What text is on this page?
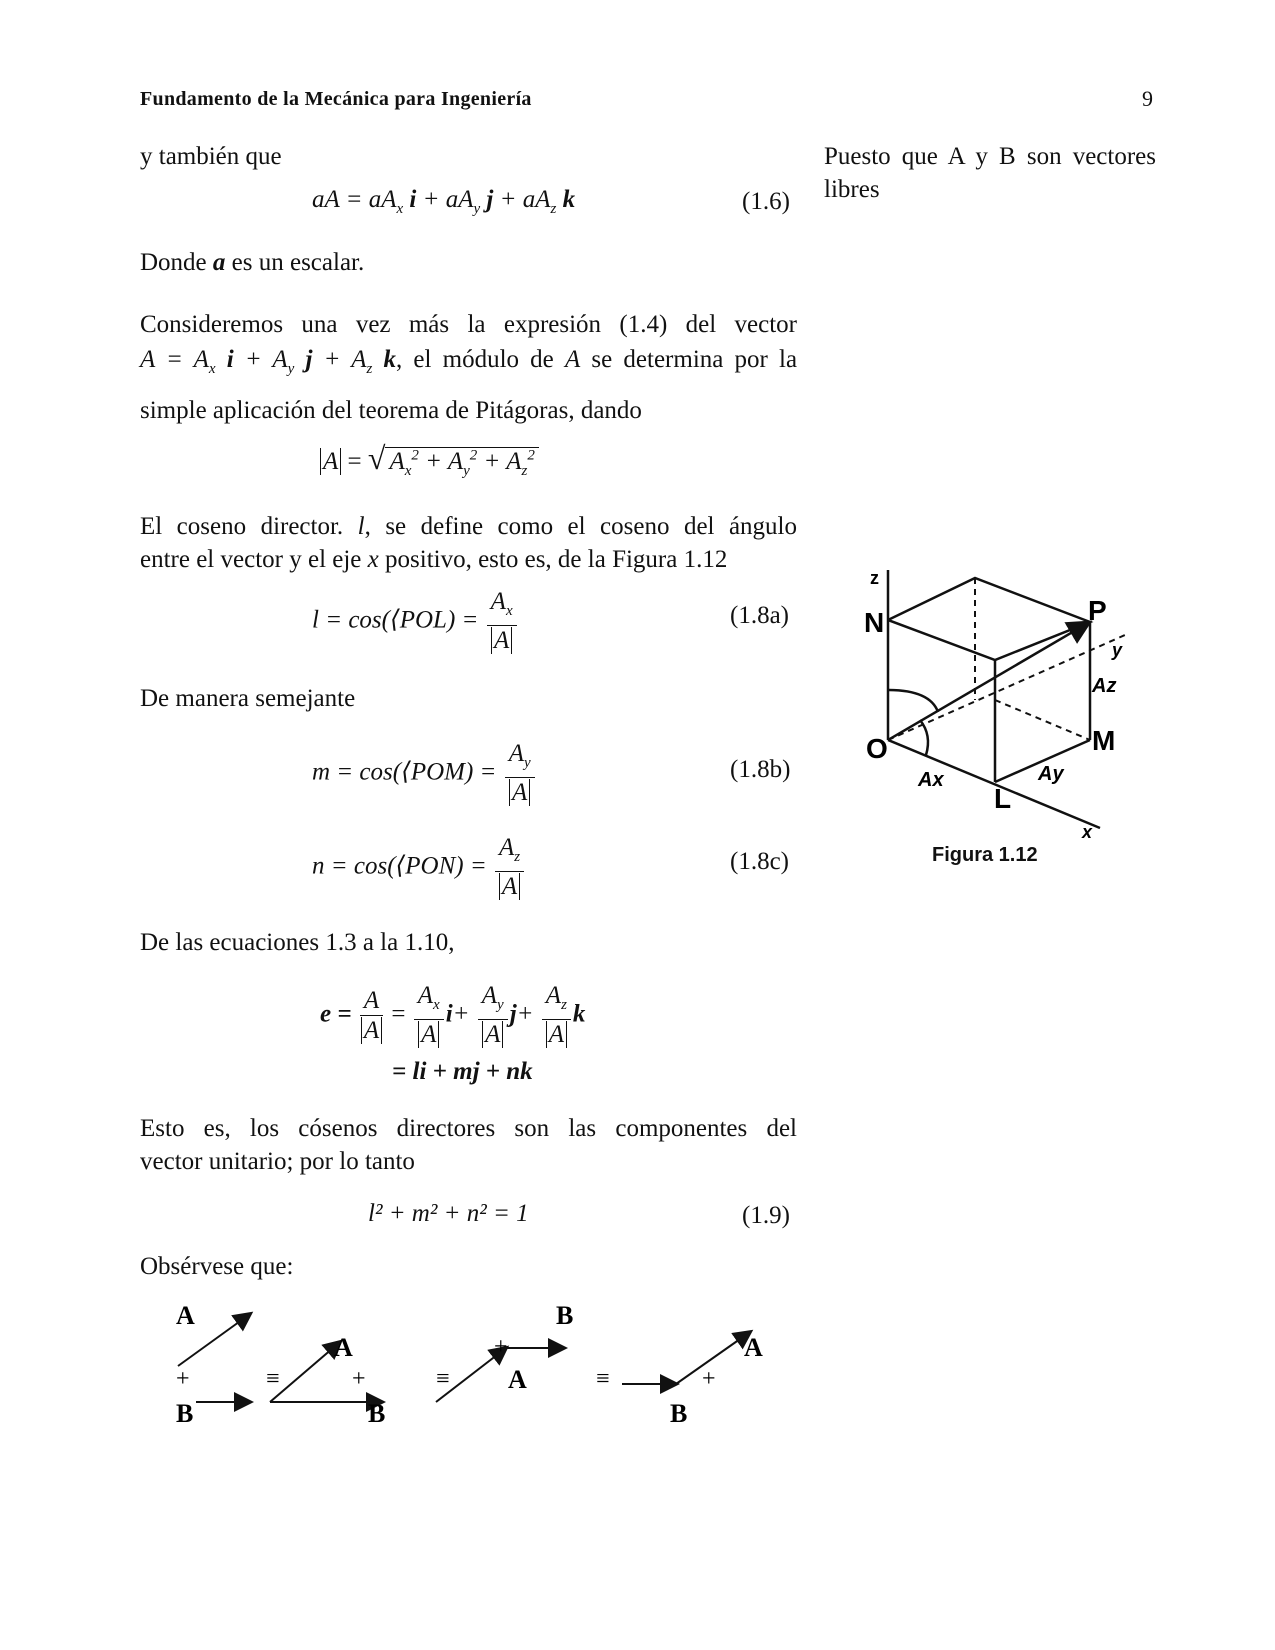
Fundamento de la Mecánica para Ingeniería	9
Puesto que A y B son vectores libres
y también que
aA = $aA_x$ $i + aA_y$ $j + aA_z$ k	(1.6)
Donde a es un escalar.
Consideremos una vez más la expresión (1.4) del vector
$A = A_x$ $i + A_y$ $j + A_z$ k, el módulo de A se determina por la
simple aplicación del teorema de Pitágoras, dando
A = √ $A_x^2 + A_y^2 + A_z^2$
El coseno director. l, se define como el coseno del ángulo
entre el vector y el eje x positivo, esto es, de la Figura 1.12
l = cos(⟨POL) = $\frac{A_x}{A}$	(1.8a)
De manera semejante
m = cos(⟨POM) = $\frac{A_y}{A}$	(1.8b)
n = cos(⟨PON) = $\frac{A_z}{A}$	(1.8c)
De las ecuaciones 1.3 a la 1.10,
$e = \frac{A}{A} = \frac{A_x}{A} i+ \frac{A_y}{A} j+ \frac{A_z}{A}$ k
= li + mj + nk
Esto es, los cósenos directores son las componentes del
vector unitario; por lo tanto
l² + m² + n² = 1	(1.9)
Obsérvese que:
z
N	P
y
Az
O	M
Ax	Ay
L
x
Figura 1.12
A
+
B
≡
A
+
B
≡
+
B
A	≡
A
+
B
